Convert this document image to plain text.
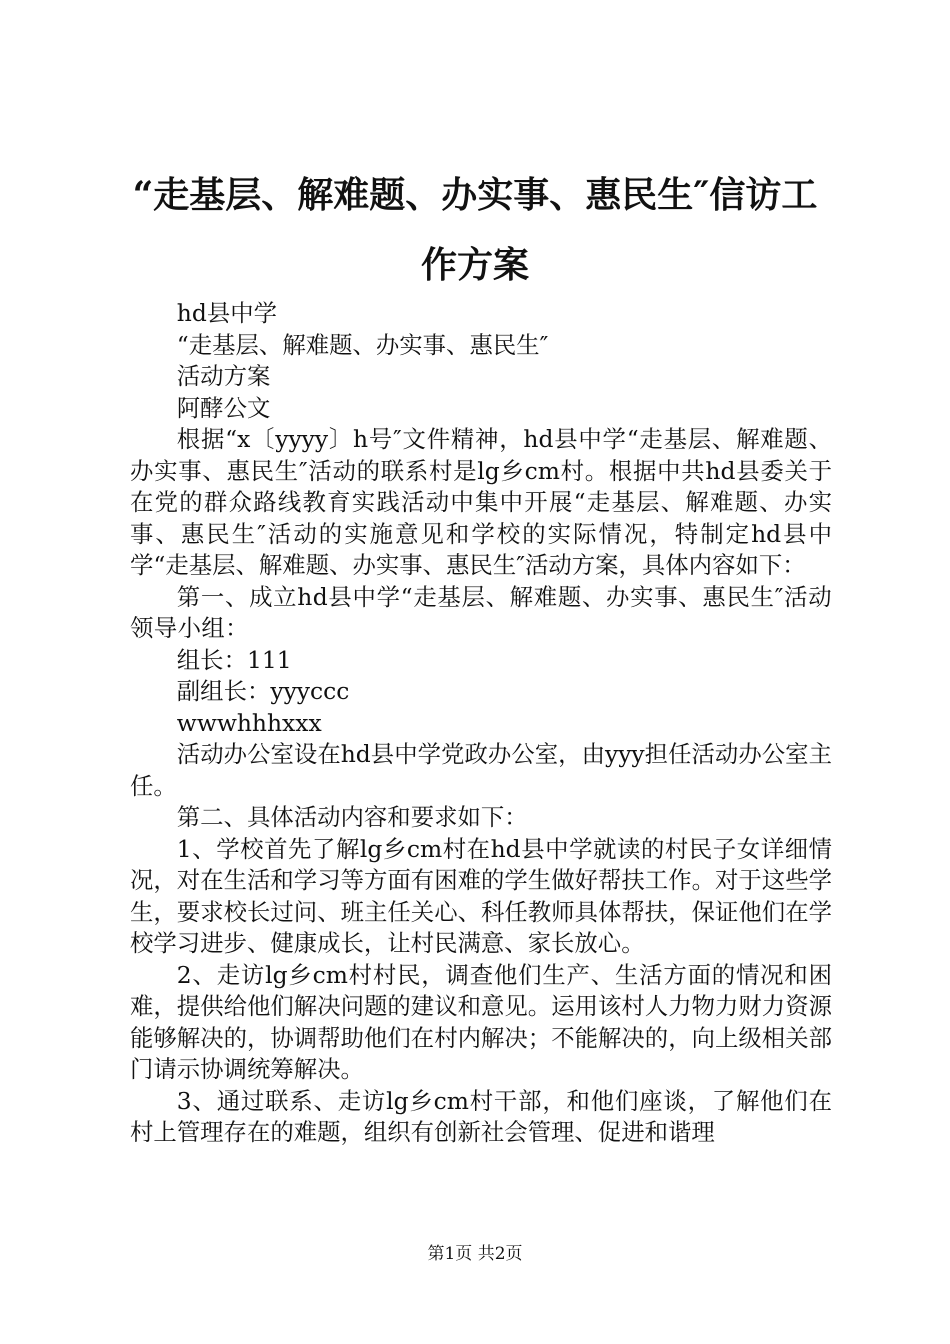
“走基层、解难题、办实事、惠民生″信访工作方案

hd县中学

“走基层、解难题、办实事、惠民生″

活动方案

阿酵公文

根据“x〔yyyy〕h号″文件精神，hd县中学“走基层、解难题、办实事、惠民生″活动的联系村是lg乡cm村。根据中共hd县委关于在党的群众路线教育实践活动中集中开展“走基层、解难题、办实事、惠民生″活动的实施意见和学校的实际情况，特制定hd县中学“走基层、解难题、办实事、惠民生″活动方案，具体内容如下：

第一、成立hd县中学“走基层、解难题、办实事、惠民生″活动领导小组：

组长：111

副组长：yyyccc

wwwhhhxxx

活动办公室设在hd县中学党政办公室，由yyy担任活动办公室主任。

第二、具体活动内容和要求如下：

1、学校首先了解lg乡cm村在hd县中学就读的村民子女详细情况，对在生活和学习等方面有困难的学生做好帮扶工作。对于这些学生，要求校长过问、班主任关心、科任教师具体帮扶，保证他们在学校学习进步、健康成长，让村民满意、家长放心。

2、走访lg乡cm村村民，调查他们生产、生活方面的情况和困难，提供给他们解决问题的建议和意见。运用该村人力物力财力资源能够解决的，协调帮助他们在村内解决；不能解决的，向上级相关部门请示协调统筹解决。

3、通过联系、走访lg乡cm村干部，和他们座谈，了解他们在村上管理存在的难题，组织有创新社会管理、促进和谐理

第1页 共2页
